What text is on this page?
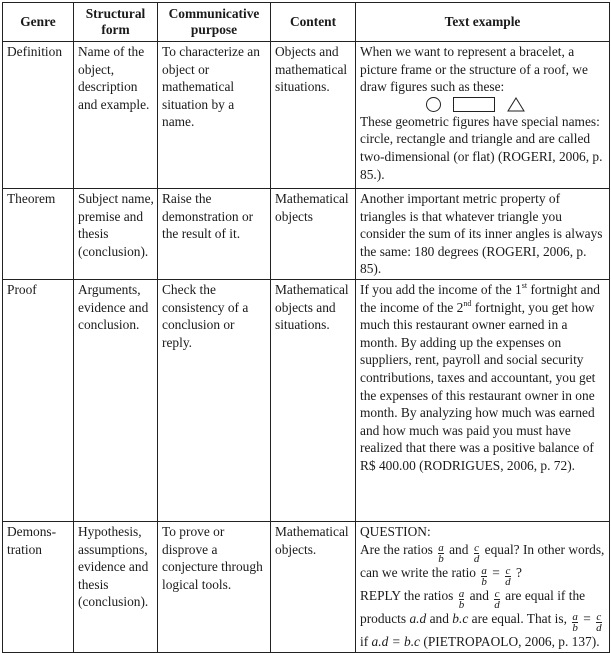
Genre	Structural form	Communicative purpose	Content	Text example
Definition	Name of the object, description and example.	To characterize an object or mathematical situation by a name.	Objects and mathematical situations.	When we want to represent a bracelet, a picture frame or the structure of a roof, we draw figures such as these:
These geometric figures have special names: circle, rectangle and triangle and are called two-dimensional (or flat) (ROGERI, 2006, p. 85.).

Theorem	Subject name, premise and thesis (conclusion).	Raise the demonstration or the result of it.	Mathematical objects	Another important metric property of triangles is that whatever triangle you consider the sum of its inner angles is always the same: 180 degrees (ROGERI, 2006, p. 85).
Proof	Arguments, evidence and conclusion.	Check the consistency of a conclusion or reply.	Mathematical objects and situations.	If you add the income of the 1st fortnight and the income of the 2nd fortnight, you get how much this restaurant owner earned in a month. By adding up the expenses on suppliers, rent, payroll and social security contributions, taxes and accountant, you get the expenses of this restaurant owner in one month. By analyzing how much was earned and how much was paid you must have realized that there was a positive balance of R$ 400.00 (RODRIGUES, 2006, p. 72).
Demons-tration	Hypothesis, assumptions, evidence and thesis (conclusion).	To prove or disprove a conjecture through logical tools.	Mathematical objects.	
QUESTION:
Are the ratios $\frac{a}{b}$ and $\frac{c}{d}$ equal? In other words, can we write the ratio $\frac{a}{b} = \frac{c}{d}$ ?
REPLY the ratios $\frac{a}{b}$ and $\frac{c}{d}$ are equal if the products a.d and b.c are equal. That is, $\frac{a}{b} = \frac{c}{d}$
if a.d = b.c (PIETROPAOLO, 2006, p. 137).
